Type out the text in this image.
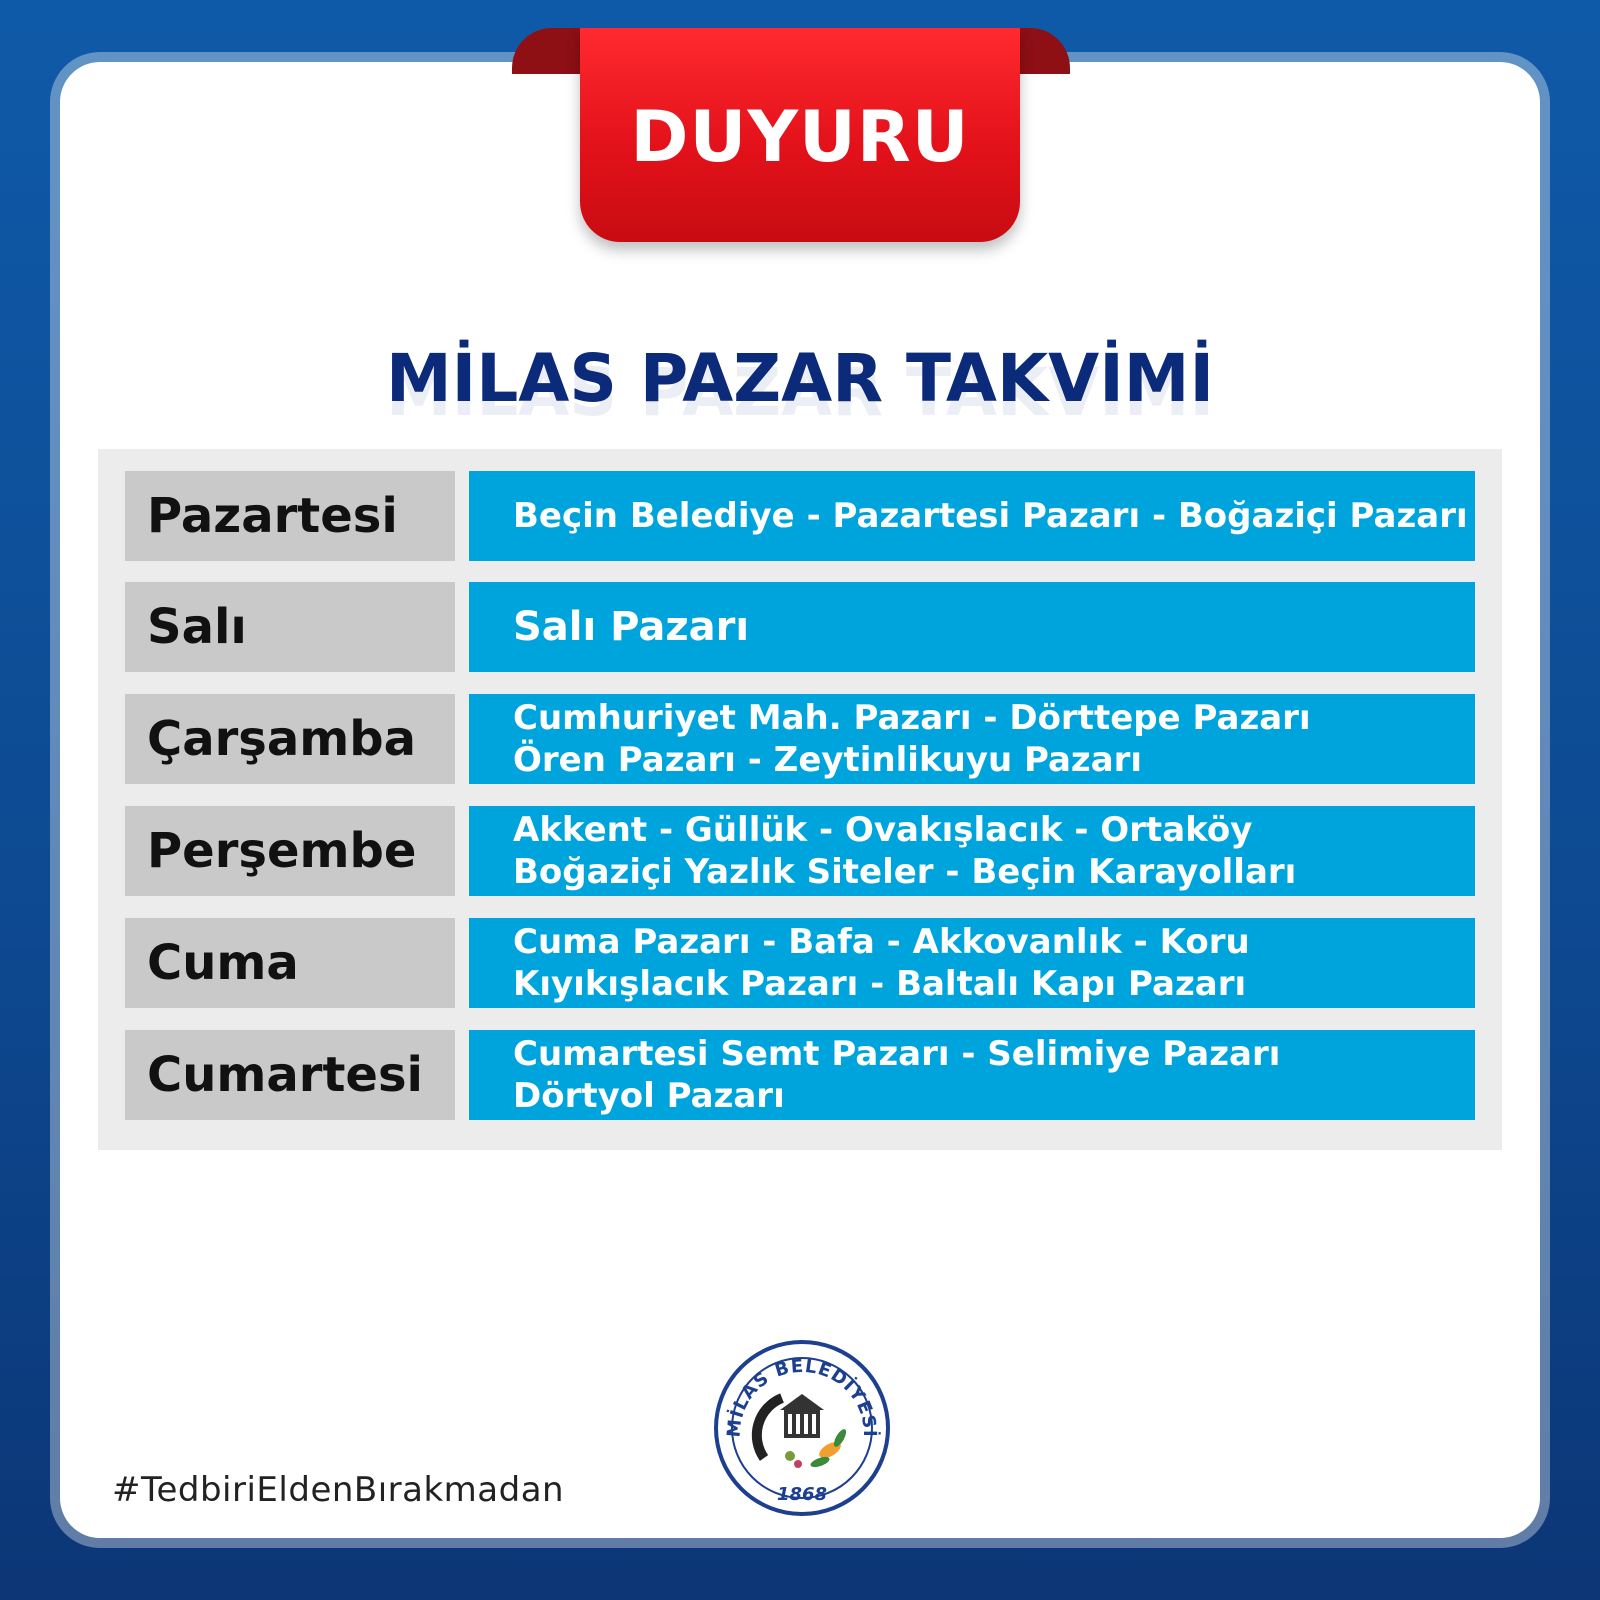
DUYURU
MİLAS PAZAR TAKVİMİ
Pazartesi	Beçin Belediye - Pazartesi Pazarı - Boğaziçi Pazarı
Salı	Salı Pazarı
Çarşamba	Cumhuriyet Mah. Pazarı - Dörttepe Pazarı
Ören Pazarı - Zeytinlikuyu Pazarı
Perşembe	Akkent - Güllük - Ovakışlacık - Ortaköy
Boğaziçi Yazlık Siteler - Beçin Karayolları
Cuma	Cuma Pazarı - Bafa - Akkovanlık - Koru
Kıyıkışlacık Pazarı - Baltalı Kapı Pazarı
Cumartesi	Cumartesi Semt Pazarı - Selimiye Pazarı
Dörtyol Pazarı
#TedbiriEldenBırakmadan
MİLAS BELEDİYESİ
1868
